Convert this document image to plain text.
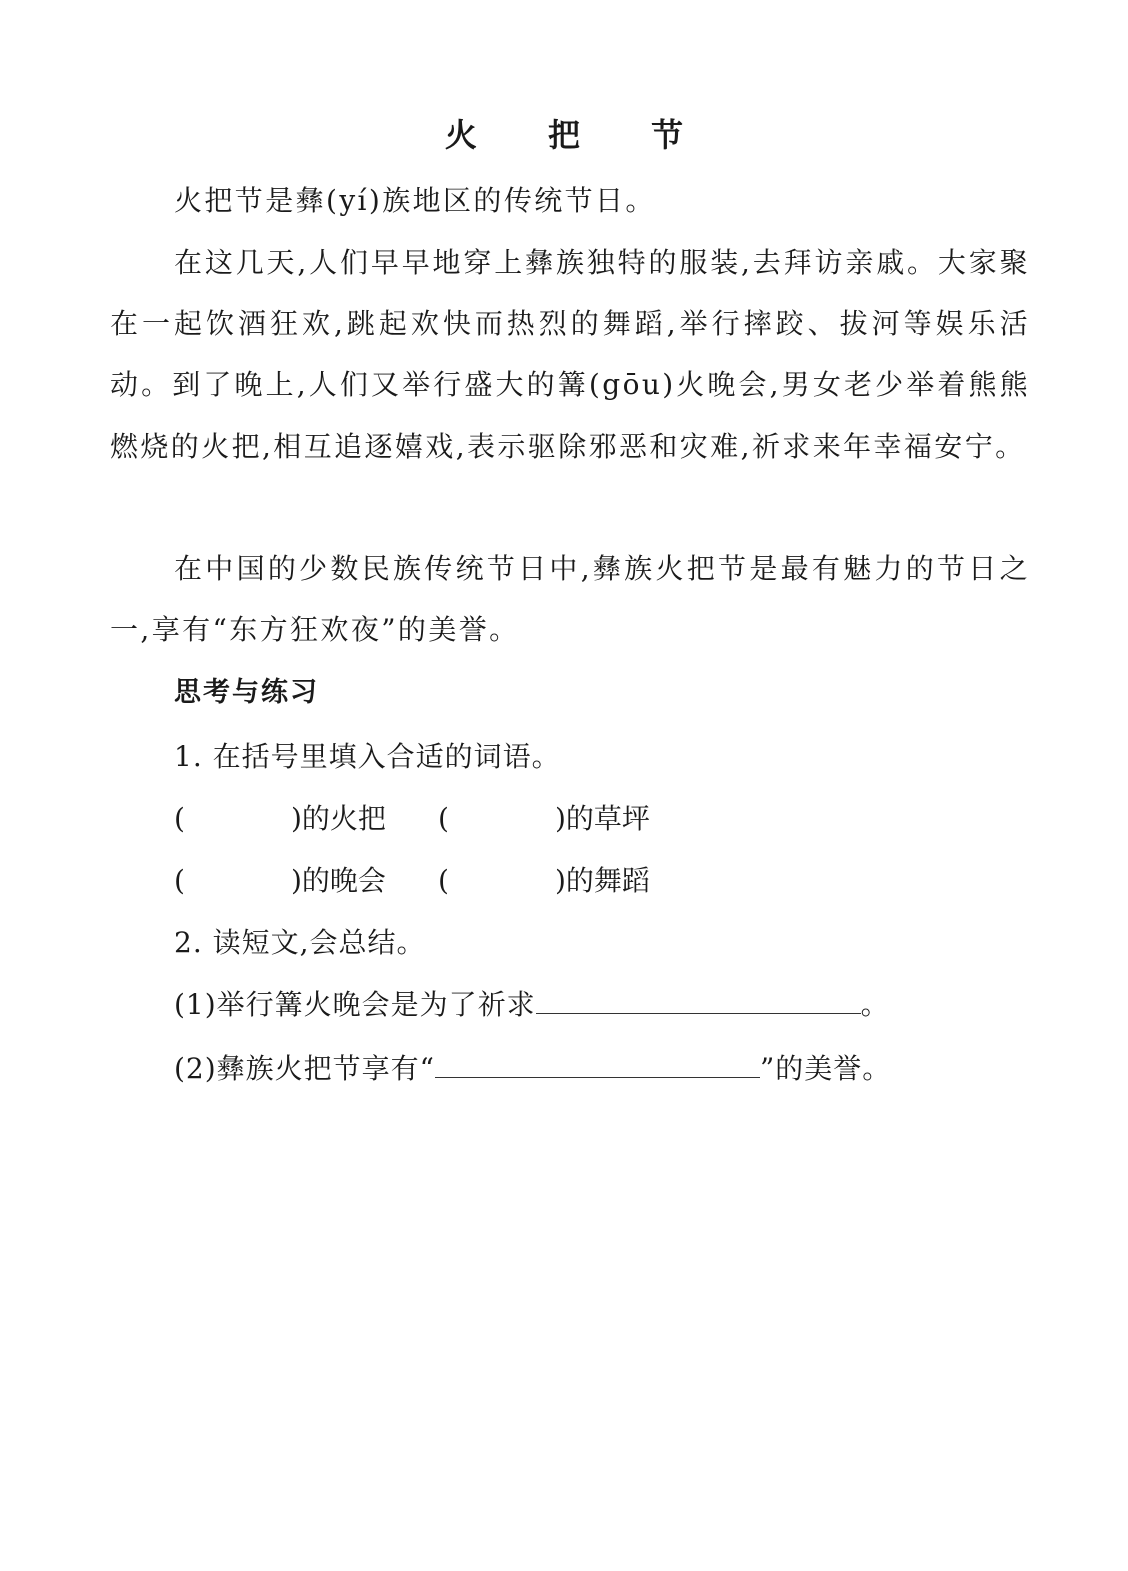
火 把 节

火把节是彝(yí)族地区的传统节日。

在这几天,人们早早地穿上彝族独特的服装,去拜访亲戚。大家聚在一起饮酒狂欢,跳起欢快而热烈的舞蹈,举行摔跤、拔河等娱乐活动。到了晚上,人们又举行盛大的篝(gōu)火晚会,男女老少举着熊熊燃烧的火把,相互追逐嬉戏,表示驱除邪恶和灾难,祈求来年幸福安宁。

在中国的少数民族传统节日中,彝族火把节是最有魅力的节日之一,享有“东方狂欢夜”的美誉。

思考与练习
1. 在括号里填入合适的词语。
(	)的火把 (	)的草坪
(	)的晚会 (	)的舞蹈
2. 读短文,会总结。
(1)举行篝火晚会是为了祈求	。
(2)彝族火把节享有“	”的美誉。
